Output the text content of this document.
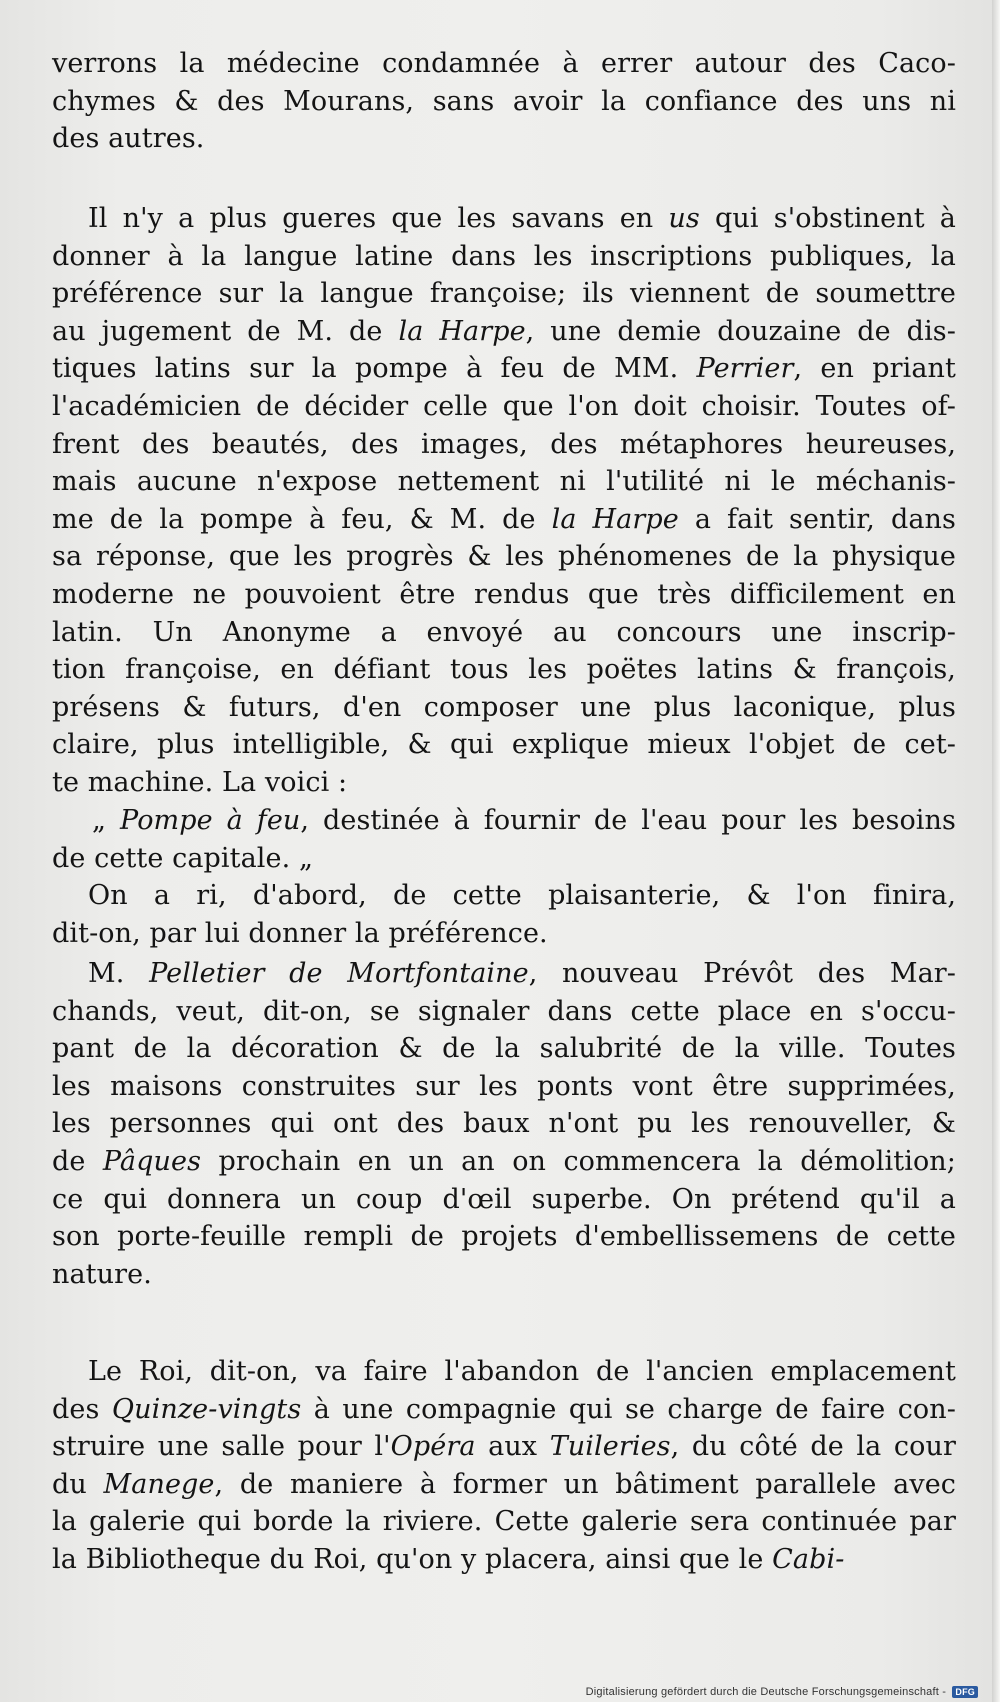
verrons la médecine condamnée à errer autour des Caco-
chymes & des Mourans, sans avoir la confiance des uns ni
des autres.
Il n'y a plus gueres que les savans en us qui s'obstinent à
donner à la langue latine dans les inscriptions publiques, la
préférence sur la langue françoise; ils viennent de soumettre
au jugement de M. de la Harpe, une demie douzaine de dis-
tiques latins sur la pompe à feu de MM. Perrier, en priant
l'académicien de décider celle que l'on doit choisir. Toutes of-
frent des beautés, des images, des métaphores heureuses,
mais aucune n'expose nettement ni l'utilité ni le méchanis-
me de la pompe à feu, & M. de la Harpe a fait sentir, dans
sa réponse, que les progrès & les phénomenes de la physique
moderne ne pouvoient être rendus que très difficilement en
latin. Un Anonyme a envoyé au concours une inscrip-
tion françoise, en défiant tous les poëtes latins & françois,
présens & futurs, d'en composer une plus laconique, plus
claire, plus intelligible, & qui explique mieux l'objet de cet-
te machine. La voici :
„ Pompe à feu, destinée à fournir de l'eau pour les besoins
de cette capitale. „
On a ri, d'abord, de cette plaisanterie, & l'on finira,
dit-on, par lui donner la préférence.
M. Pelletier de Mortfontaine, nouveau Prévôt des Mar-
chands, veut, dit-on, se signaler dans cette place en s'occu-
pant de la décoration & de la salubrité de la ville. Toutes
les maisons construites sur les ponts vont être supprimées,
les personnes qui ont des baux n'ont pu les renouveller, &
de Pâques prochain en un an on commencera la démolition;
ce qui donnera un coup d'œil superbe. On prétend qu'il a
son porte-feuille rempli de projets d'embellissemens de cette
nature.
Le Roi, dit-on, va faire l'abandon de l'ancien emplacement
des Quinze-vingts à une compagnie qui se charge de faire con-
struire une salle pour l'Opéra aux Tuileries, du côté de la cour
du Manege, de maniere à former un bâtiment parallele avec
la galerie qui borde la riviere. Cette galerie sera continuée par
la Bibliotheque du Roi, qu'on y placera, ainsi que le Cabi-
Digitalisierung gefördert durch die Deutsche Forschungsgemeinschaft - DFG
